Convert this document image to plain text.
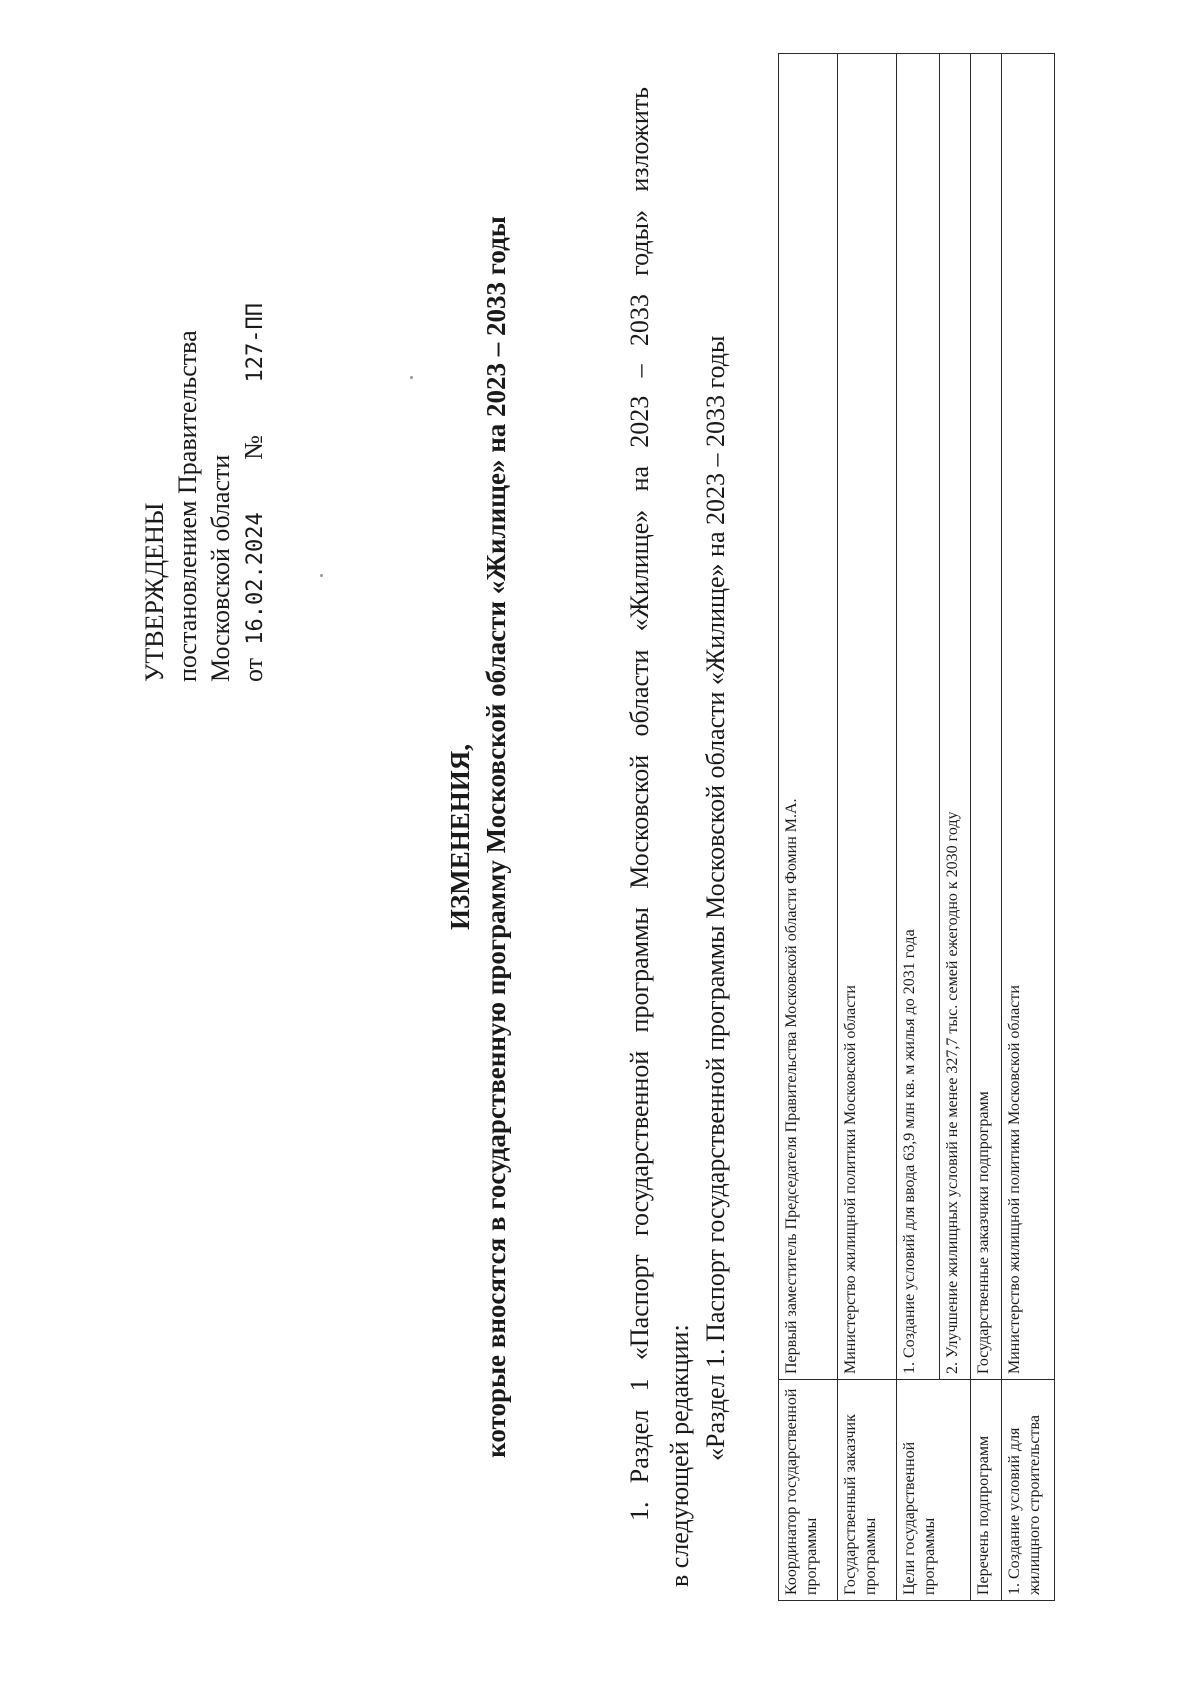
УТВЕРЖДЕНЫ постановлением Правительства Московской области от 16.02.2024  №  127-ПП
ИЗМЕНЕНИЯ, которые вносятся в государственную программу Московской области «Жилище» на 2023 – 2033 годы	1. Раздел 1 «Паспорт государственной программы Московской области «Жилище» на 2023 – 2033 годы» изложить в следующей редакции: «Раздел 1. Паспорт государственной программы Московской области «Жилище» на 2023 – 2033 годы
Координатор государственной программы	Первый заместитель Председателя Правительства Московской области Фомин М.А.
Государственный заказчик программы	Министерство жилищной политики Московской области
Цели государственной программы	1. Создание условий для ввода 63,9 млн кв. м жилья до 2031 года
	2. Улучшение жилищных условий не менее 327,7 тыс. семей ежегодно к 2030 году
Перечень подпрограмм	Государственные заказчики подпрограмм
1. Создание условий для жилищного строительства	Министерство жилищной политики Московской области
